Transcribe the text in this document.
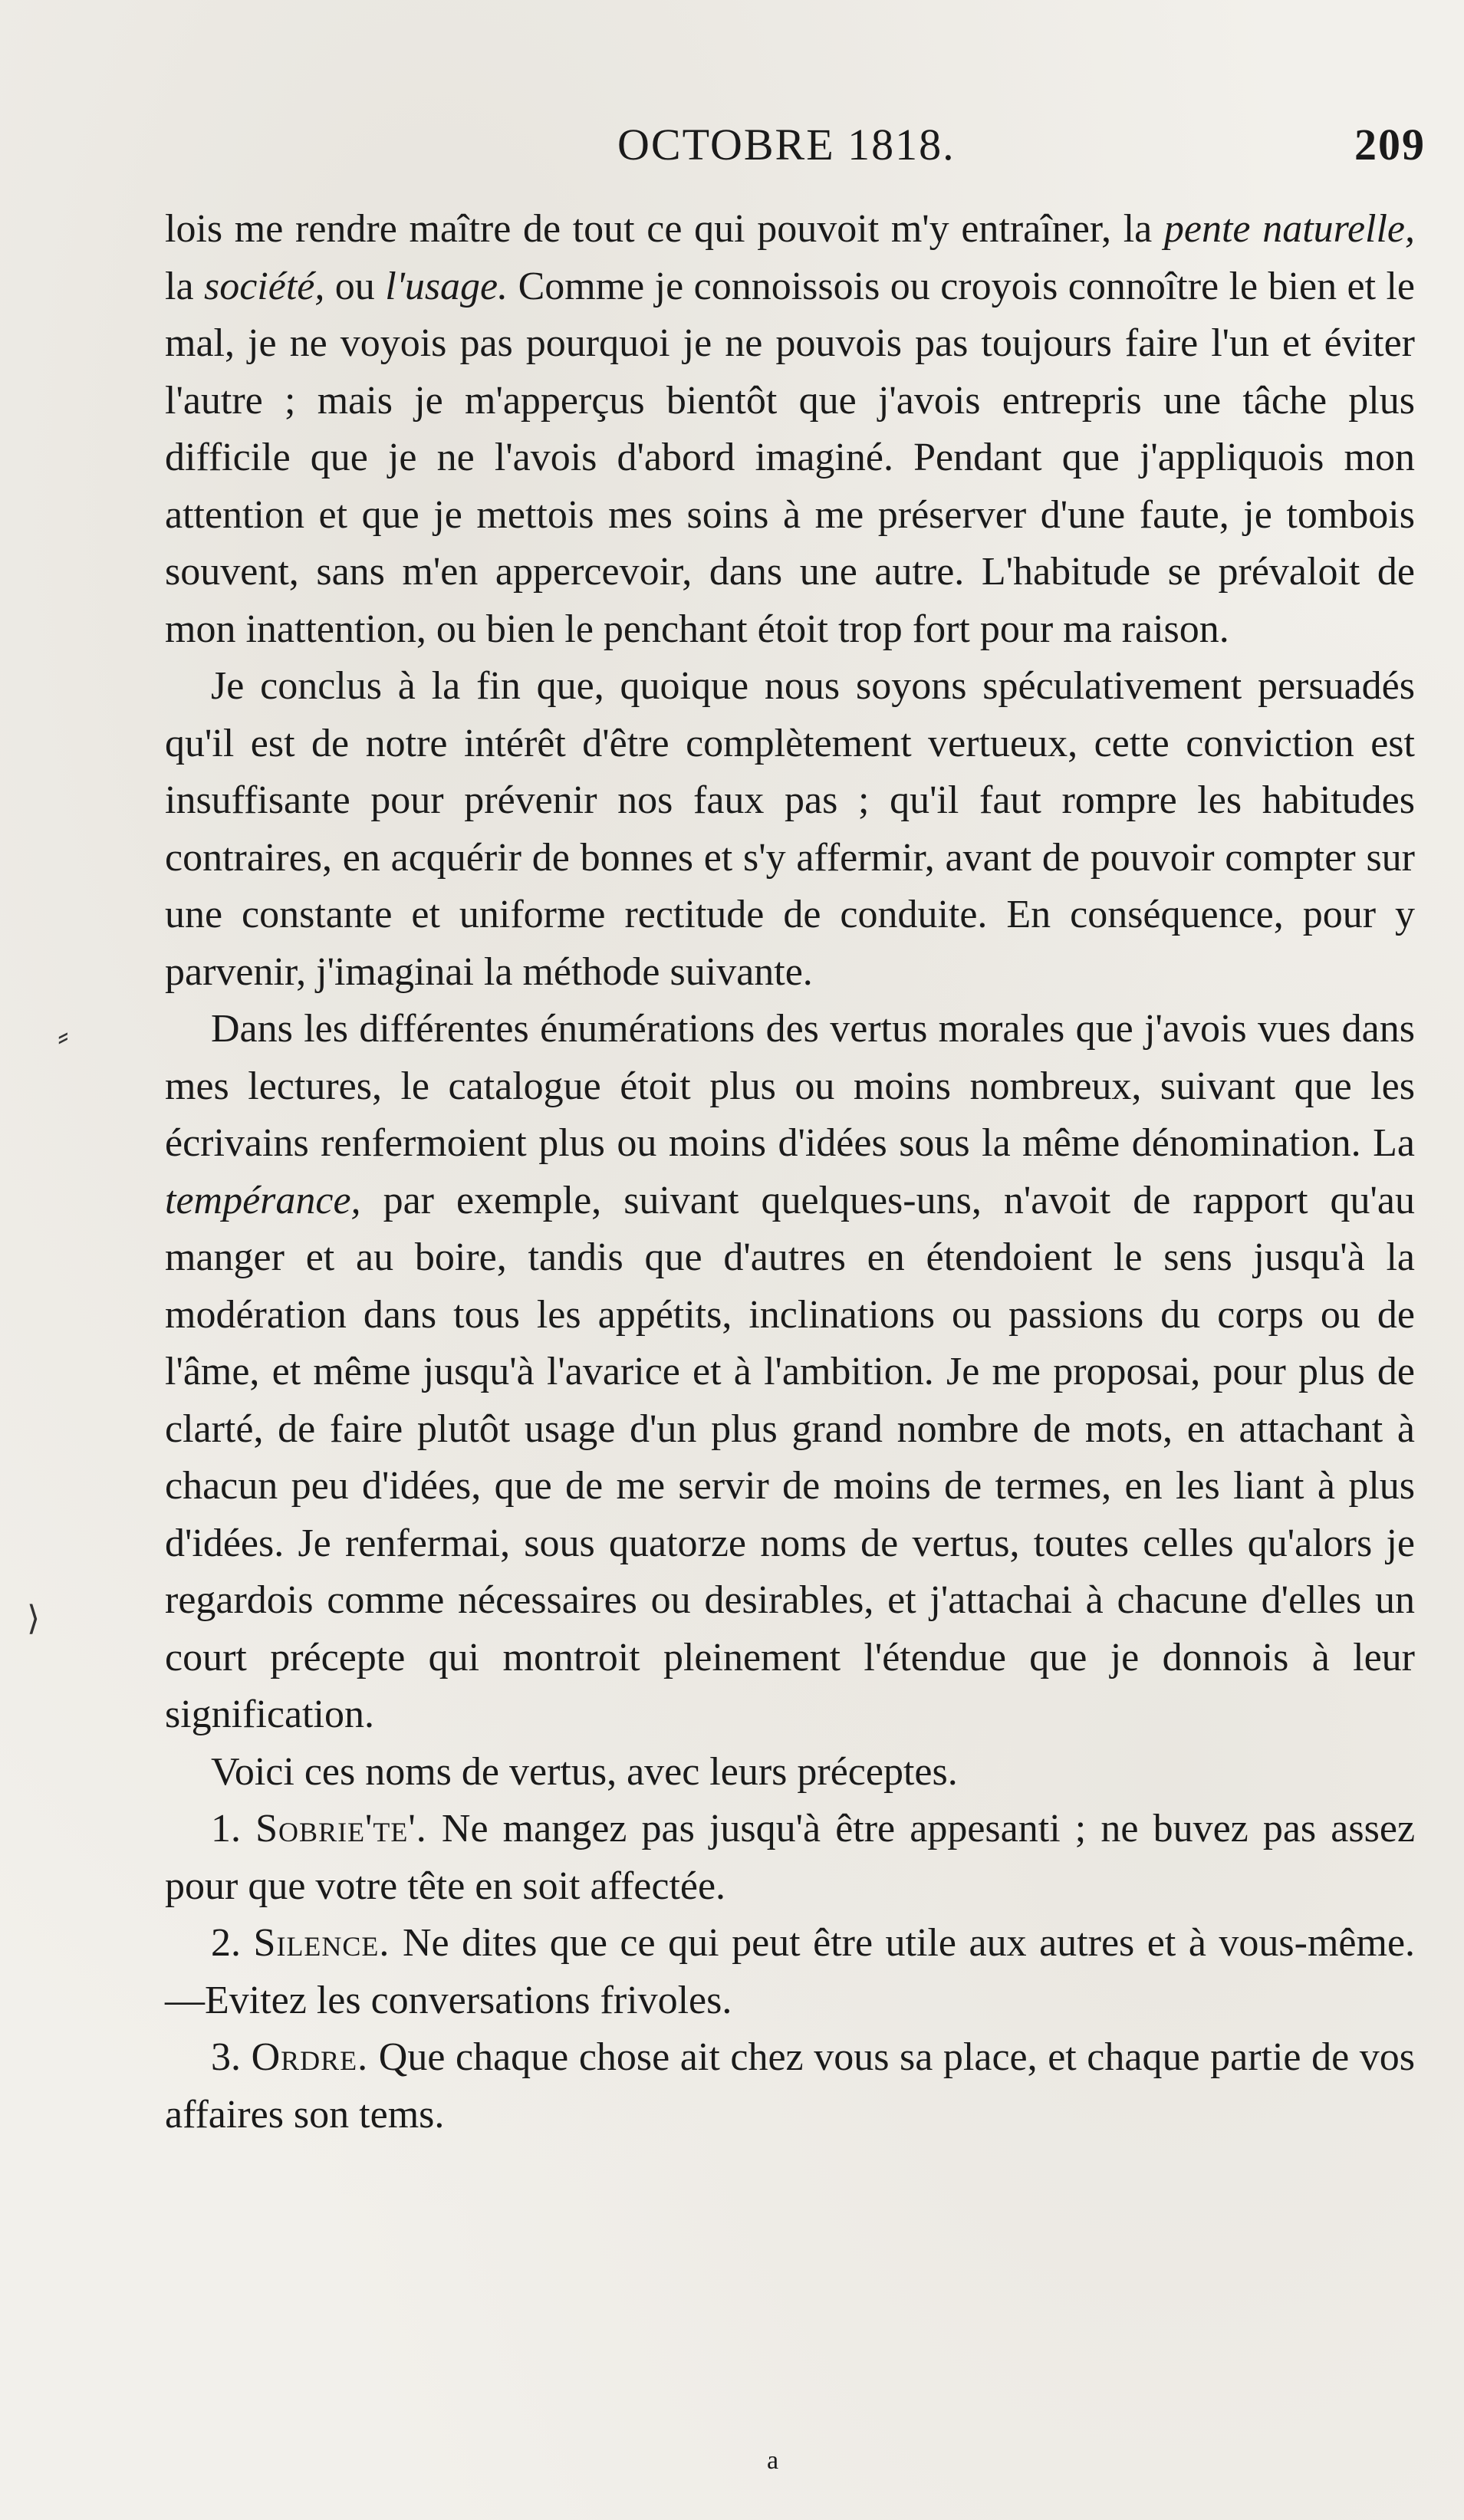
OCTOBRE 1818.	209
⸗
⟩

lois me rendre maître de tout ce qui pouvoit m'y entraîner, la pente naturelle, la société, ou l'usage. Comme je connoissois ou croyois connoître le bien et le mal, je ne voyois pas pourquoi je ne pouvois pas toujours faire l'un et éviter l'autre ; mais je m'apperçus bientôt que j'avois entrepris une tâche plus difficile que je ne l'avois d'abord imaginé. Pendant que j'appliquois mon attention et que je mettois mes soins à me préserver d'une faute, je tombois souvent, sans m'en appercevoir, dans une autre. L'habitude se prévaloit de mon inattention, ou bien le penchant étoit trop fort pour ma raison.

Je conclus à la fin que, quoique nous soyons spéculativement persuadés qu'il est de notre intérêt d'être complètement vertueux, cette conviction est insuffisante pour prévenir nos faux pas ; qu'il faut rompre les habitudes contraires, en acquérir de bonnes et s'y affermir, avant de pouvoir compter sur une constante et uniforme rectitude de conduite. En conséquence, pour y parvenir, j'imaginai la méthode suivante.

Dans les différentes énumérations des vertus morales que j'avois vues dans mes lectures, le catalogue étoit plus ou moins nombreux, suivant que les écrivains renfermoient plus ou moins d'idées sous la même dénomination. La tempérance, par exemple, suivant quelques-uns, n'avoit de rapport qu'au manger et au boire, tandis que d'autres en étendoient le sens jusqu'à la modération dans tous les appétits, inclinations ou passions du corps ou de l'âme, et même jusqu'à l'avarice et à l'ambition. Je me proposai, pour plus de clarté, de faire plutôt usage d'un plus grand nombre de mots, en attachant à chacun peu d'idées, que de me servir de moins de termes, en les liant à plus d'idées. Je renfermai, sous quatorze noms de vertus, toutes celles qu'alors je regardois comme nécessaires ou desirables, et j'attachai à chacune d'elles un court précepte qui montroit pleinement l'étendue que je donnois à leur signification.

Voici ces noms de vertus, avec leurs préceptes.

1. Sobrie'te'. Ne mangez pas jusqu'à être appesanti ; ne buvez pas assez pour que votre tête en soit affectée.

2. Silence. Ne dites que ce qui peut être utile aux autres et à vous-même.—Evitez les conversations frivoles.

3. Ordre. Que chaque chose ait chez vous sa place, et chaque partie de vos affaires son tems.

a
